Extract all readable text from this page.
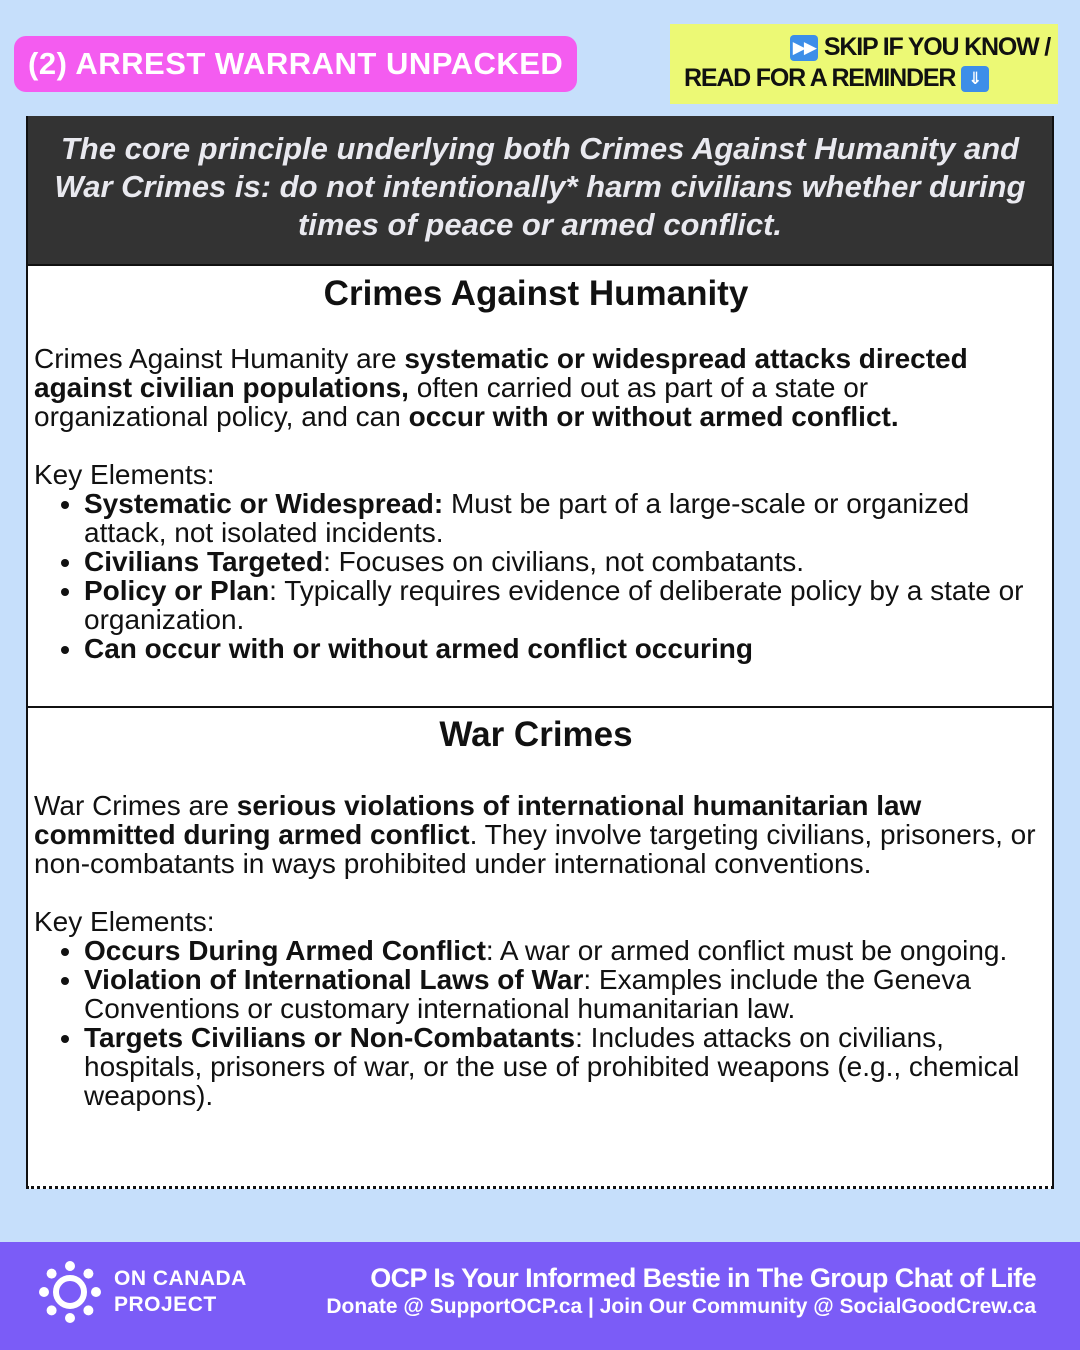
(2) ARREST WARRANT UNPACKED	▶▶ SKIP IF YOU KNOW /
READ FOR A REMINDER ⇓
The core principle underlying both Crimes Against Humanity and War Crimes is: do not intentionally* harm civilians whether during times of peace or armed conflict.
Crimes Against Humanity

Crimes Against Humanity are systematic or widespread attacks directed against civilian populations, often carried out as part of a state or organizational policy, and can occur with or without armed conflict.

Key Elements:

• Systematic or Widespread: Must be part of a large-scale or organized attack, not isolated incidents.
• Civilians Targeted: Focuses on civilians, not combatants.
• Policy or Plan: Typically requires evidence of deliberate policy by a state or organization.
• Can occur with or without armed conflict occuring
War Crimes

War Crimes are serious violations of international humanitarian law committed during armed conflict. They involve targeting civilians, prisoners, or non-combatants in ways prohibited under international conventions.

Key Elements:

• Occurs During Armed Conflict: A war or armed conflict must be ongoing.
• Violation of International Laws of War: Examples include the Geneva Conventions or customary international humanitarian law.
• Targets Civilians or Non-Combatants: Includes attacks on civilians, hospitals, prisoners of war, or the use of prohibited weapons (e.g., chemical weapons).
ON CANADA
PROJECT
OCP Is Your Informed Bestie in The Group Chat of Life
Donate @ SupportOCP.ca | Join Our Community @ SocialGoodCrew.ca
